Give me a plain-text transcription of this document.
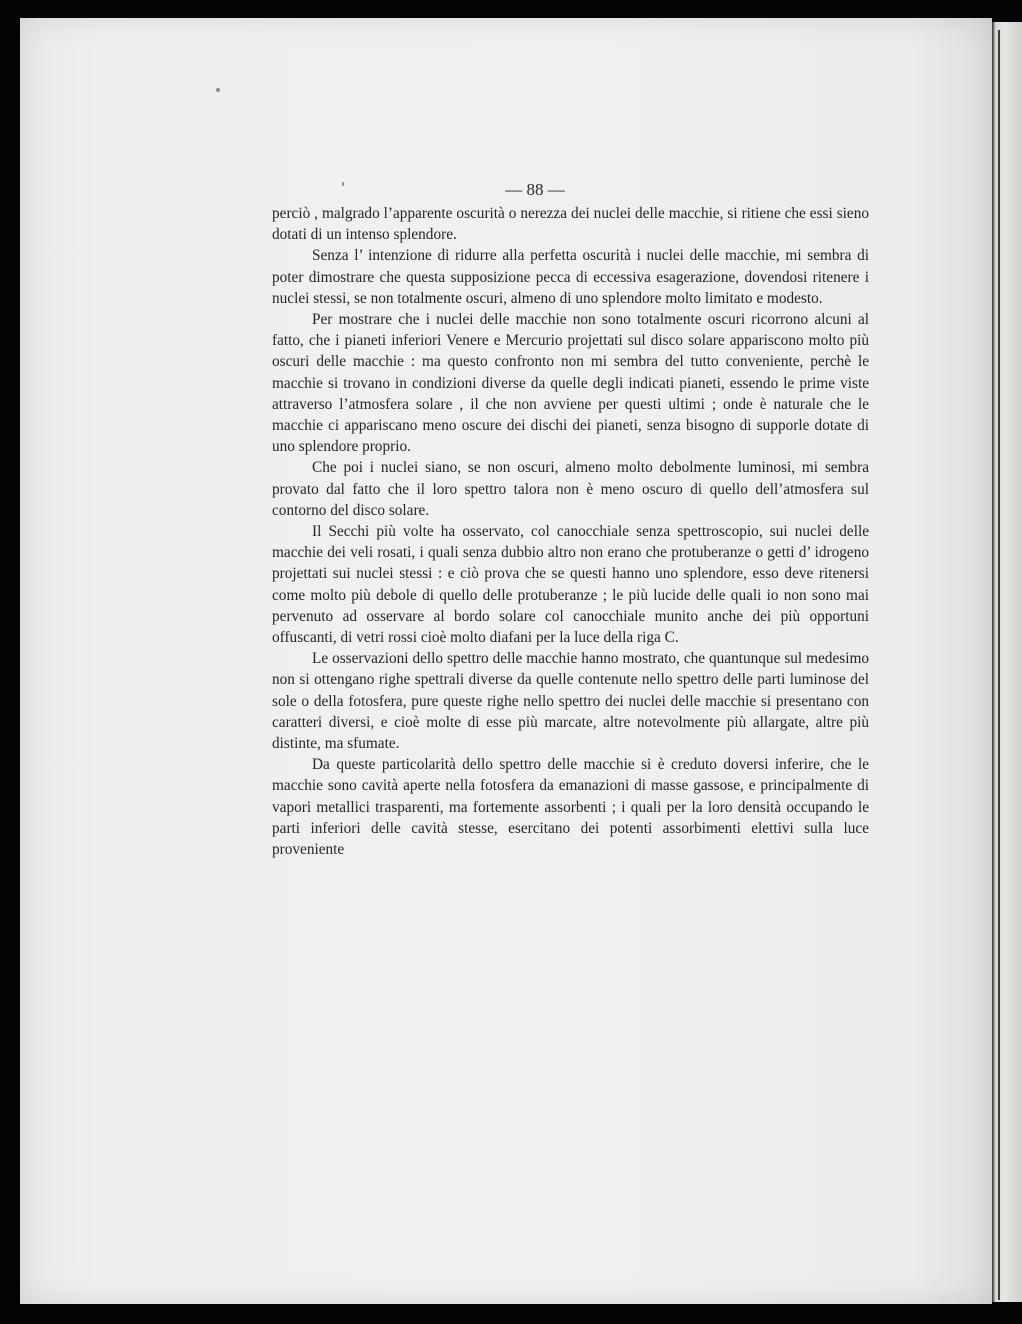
— 88 —

perciò , malgrado l’apparente oscurità o nerezza dei nuclei delle macchie, si ritiene che essi sieno dotati di un intenso splendore.

Senza l’ intenzione di ridurre alla perfetta oscurità i nuclei delle macchie, mi sembra di poter dimostrare che questa supposizione pecca di eccessiva esagerazione, dovendosi ritenere i nuclei stessi, se non totalmente oscuri, almeno di uno splendore molto limitato e modesto.

Per mostrare che i nuclei delle macchie non sono totalmente oscuri ricorrono alcuni al fatto, che i pianeti inferiori Venere e Mercurio projettati sul disco solare appariscono molto più oscuri delle macchie : ma questo confronto non mi sembra del tutto conveniente, perchè le macchie si trovano in condizioni diverse da quelle degli indicati pianeti, essendo le prime viste attraverso l’atmosfera solare , il che non avviene per questi ultimi ; onde è naturale che le macchie ci appariscano meno oscure dei dischi dei pianeti, senza bisogno di supporle dotate di uno splendore proprio.

Che poi i nuclei siano, se non oscuri, almeno molto debolmente luminosi, mi sembra provato dal fatto che il loro spettro talora non è meno oscuro di quello dell’atmosfera sul contorno del disco solare.

Il Secchi più volte ha osservato, col canocchiale senza spettroscopio, sui nuclei delle macchie dei veli rosati, i quali senza dubbio altro non erano che protuberanze o getti d’ idrogeno projettati sui nuclei stessi : e ciò prova che se questi hanno uno splendore, esso deve ritenersi come molto più debole di quello delle protuberanze ; le più lucide delle quali io non sono mai pervenuto ad osservare al bordo solare col canocchiale munito anche dei più opportuni offuscanti, di vetri rossi cioè molto diafani per la luce della riga C.

Le osservazioni dello spettro delle macchie hanno mostrato, che quantunque sul medesimo non si ottengano righe spettrali diverse da quelle contenute nello spettro delle parti luminose del sole o della fotosfera, pure queste righe nello spettro dei nuclei delle macchie si presentano con caratteri diversi, e cioè molte di esse più marcate, altre notevolmente più allargate, altre più distinte, ma sfumate.

Da queste particolarità dello spettro delle macchie si è creduto doversi inferire, che le macchie sono cavità aperte nella fotosfera da emanazioni di masse gassose, e principalmente di vapori metallici trasparenti, ma fortemente assorbenti ; i quali per la loro densità occupando le parti inferiori delle cavità stesse, esercitano dei potenti assorbimenti elettivi sulla luce proveniente
